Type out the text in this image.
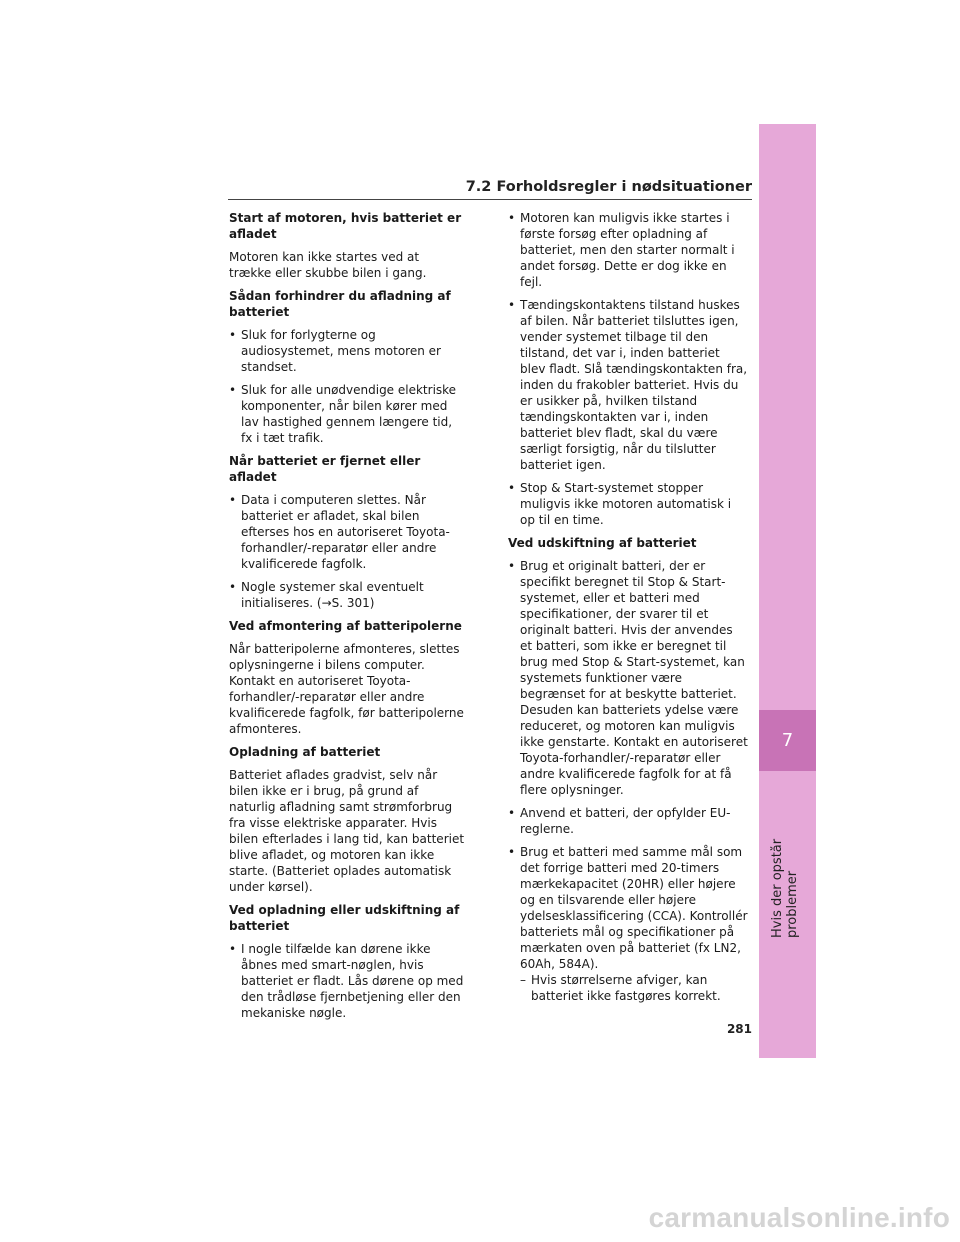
7.2 Forholdsregler i nødsituationer
Start af motoren, hvis batteriet er afladet
Motoren kan ikke startes ved at trække eller skubbe bilen i gang.
Sådan forhindrer du afladning af batteriet
• Sluk for forlygterne og audiosystemet, mens motoren er standset.
• Sluk for alle unødvendige elektriske komponenter, når bilen kører med lav hastighed gennem længere tid, fx i tæt trafik.
Når batteriet er fjernet eller afladet
• Data i computeren slettes. Når batteriet er afladet, skal bilen efterses hos en autoriseret Toyota-forhandler/-reparatør eller andre kvalificerede fagfolk.
• Nogle systemer skal eventuelt initialiseres. (→S. 301)
Ved afmontering af batteripolerne
Når batteripolerne afmonteres, slettes oplysningerne i bilens computer. Kontakt en autoriseret Toyota-forhandler/-reparatør eller andre kvalificerede fagfolk, før batteripolerne afmonteres.
Opladning af batteriet
Batteriet aflades gradvist, selv når bilen ikke er i brug, på grund af naturlig afladning samt strømforbrug fra visse elektriske apparater. Hvis bilen efterlades i lang tid, kan batteriet blive afladet, og motoren kan ikke starte. (Batteriet oplades automatisk under kørsel).
Ved opladning eller udskiftning af batteriet
• I nogle tilfælde kan dørene ikke åbnes med smart-nøglen, hvis batteriet er fladt. Lås dørene op med den trådløse fjernbetjening eller den mekaniske nøgle.
• Motoren kan muligvis ikke startes i første forsøg efter opladning af batteriet, men den starter normalt i andet forsøg. Dette er dog ikke en fejl.
• Tændingskontaktens tilstand huskes af bilen. Når batteriet tilsluttes igen, vender systemet tilbage til den tilstand, det var i, inden batteriet blev fladt. Slå tændingskontakten fra, inden du frakobler batteriet. Hvis du er usikker på, hvilken tilstand tændingskontakten var i, inden batteriet blev fladt, skal du være særligt forsigtig, når du tilslutter batteriet igen.
• Stop & Start-systemet stopper muligvis ikke motoren automatisk i op til en time.
Ved udskiftning af batteriet
• Brug et originalt batteri, der er specifikt beregnet til Stop & Start-systemet, eller et batteri med specifikationer, der svarer til et originalt batteri. Hvis der anvendes et batteri, som ikke er beregnet til brug med Stop & Start-systemet, kan systemets funktioner være begrænset for at beskytte batteriet. Desuden kan batteriets ydelse være reduceret, og motoren kan muligvis ikke genstarte. Kontakt en autoriseret Toyota-forhandler/-reparatør eller andre kvalificerede fagfolk for at få flere oplysninger.
• Anvend et batteri, der opfylder EU-reglerne.
• Brug et batteri med samme mål som det forrige batteri med 20-timers mærkekapacitet (20HR) eller højere og en tilsvarende eller højere ydelsesklassificering (CCA). Kontrollér batteriets mål og specifikationer på mærkaten oven på batteriet (fx LN2, 60Ah, 584A).
– Hvis størrelserne afviger, kan batteriet ikke fastgøres korrekt.
7
Hvis der opstår problemer
281
carmanualsonline.info
